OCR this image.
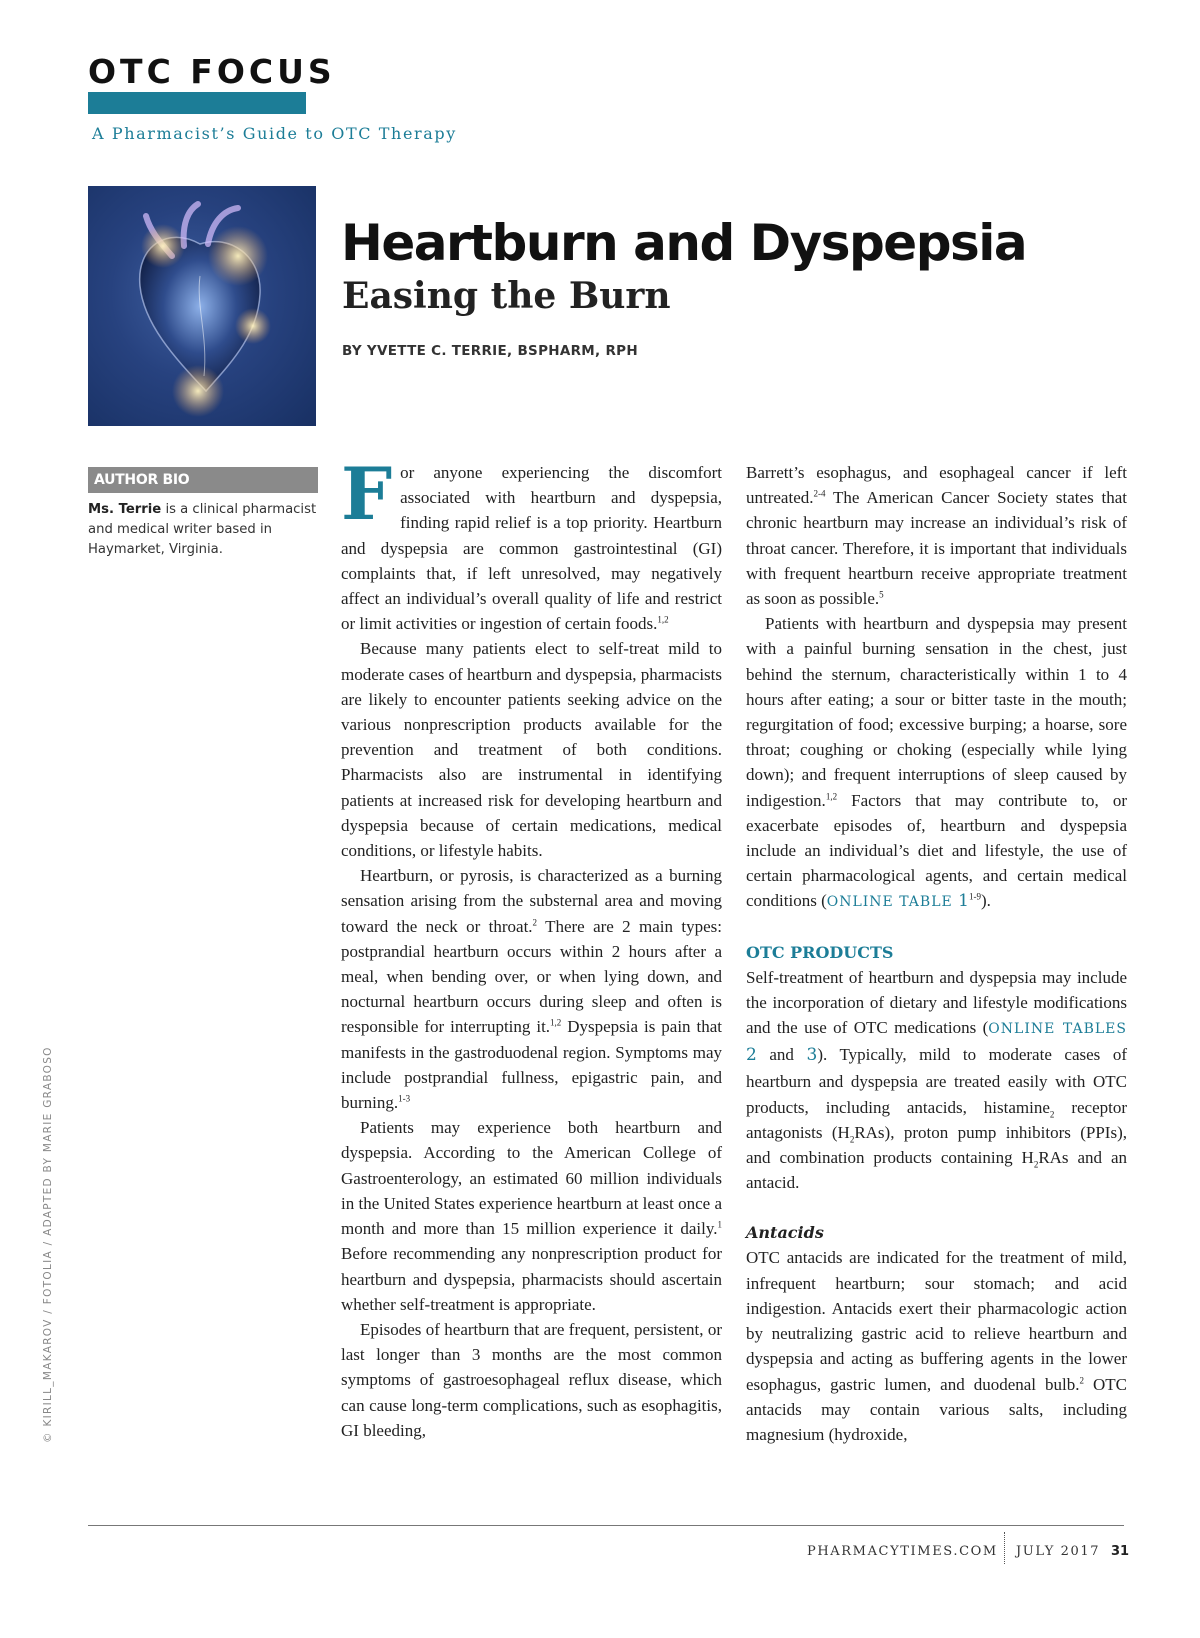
OTC FOCUS
A Pharmacist’s Guide to OTC Therapy
Heartburn and Dyspepsia
Easing the Burn
BY YVETTE C. TERRIE, BSPHARM, RPH
AUTHOR BIO

Ms. Terrie is a clinical pharmacist and medical writer based in Haymarket, Virginia.

© KIRILL_MAKAROV / FOTOLIA / ADAPTED BY MARIE GRABOSO

For anyone experiencing the discomfort associated with heartburn and dyspepsia, finding rapid relief is a top priority. Heartburn and dyspepsia are common gastrointestinal (GI) complaints that, if left unresolved, may negatively affect an individual’s overall quality of life and restrict or limit activities or ingestion of certain foods.$^{1,2}$

Because many patients elect to self-treat mild to moderate cases of heartburn and dyspepsia, pharmacists are likely to encounter patients seeking advice on the various nonprescription products available for the prevention and treatment of both conditions. Pharmacists also are instrumental in identifying patients at increased risk for developing heartburn and dyspepsia because of certain medications, medical conditions, or lifestyle habits.

Heartburn, or pyrosis, is characterized as a burning sensation arising from the substernal area and moving toward the neck or throat.$^2$ There are 2 main types: postprandial heartburn occurs within 2 hours after a meal, when bending over, or when lying down, and nocturnal heartburn occurs during sleep and often is responsible for interrupting it.$^{1,2}$ Dyspepsia is pain that manifests in the gastroduodenal region. Symptoms may include postprandial fullness, epigastric pain, and burning.$^{1-3}$

Patients may experience both heartburn and dyspepsia. According to the American College of Gastroenterology, an estimated 60 million individuals in the United States experience heartburn at least once a month and more than 15 million experience it daily.$^1$ Before recommending any nonprescription product for heartburn and dyspepsia, pharmacists should ascertain whether self-treatment is appropriate.

Episodes of heartburn that are frequent, persistent, or last longer than 3 months are the most common symptoms of gastroesophageal reflux disease, which can cause long-term complications, such as esophagitis, GI bleeding,

Barrett’s esophagus, and esophageal cancer if left untreated.$^{2-4}$ The American Cancer Society states that chronic heartburn may increase an individual’s risk of throat cancer. Therefore, it is important that individuals with frequent heartburn receive appropriate treatment as soon as possible.$^5$

Patients with heartburn and dyspepsia may present with a painful burning sensation in the chest, just behind the sternum, characteristically within 1 to 4 hours after eating; a sour or bitter taste in the mouth; regurgitation of food; excessive burping; a hoarse, sore throat; coughing or choking (especially while lying down); and frequent interruptions of sleep caused by indigestion.$^{1,2}$ Factors that may contribute to, or exacerbate episodes of, heartburn and dyspepsia include an individual’s diet and lifestyle, the use of certain pharmacological agents, and certain medical conditions (ONLINE TABLE 1$^{1-9}$).

OTC PRODUCTS

Self-treatment of heartburn and dyspepsia may include the incorporation of dietary and lifestyle modifications and the use of OTC medications (ONLINE TABLES 2 and 3). Typically, mild to moderate cases of heartburn and dyspepsia are treated easily with OTC products, including antacids, histamine$_2$ receptor antagonists $(H_2RAs)$, proton pump inhibitors (PPIs), and combination products containing $H_2RAs$ and an antacid.

Antacids

OTC antacids are indicated for the treatment of mild, infrequent heartburn; sour stomach; and acid indigestion. Antacids exert their pharmacologic action by neutralizing gastric acid to relieve heartburn and dyspepsia and acting as buffering agents in the lower esophagus, gastric lumen, and duodenal bulb.$^2$ OTC antacids may contain various salts, including magnesium (hydroxide,

PHARMACYTIMES.COM JULY 2017 31
